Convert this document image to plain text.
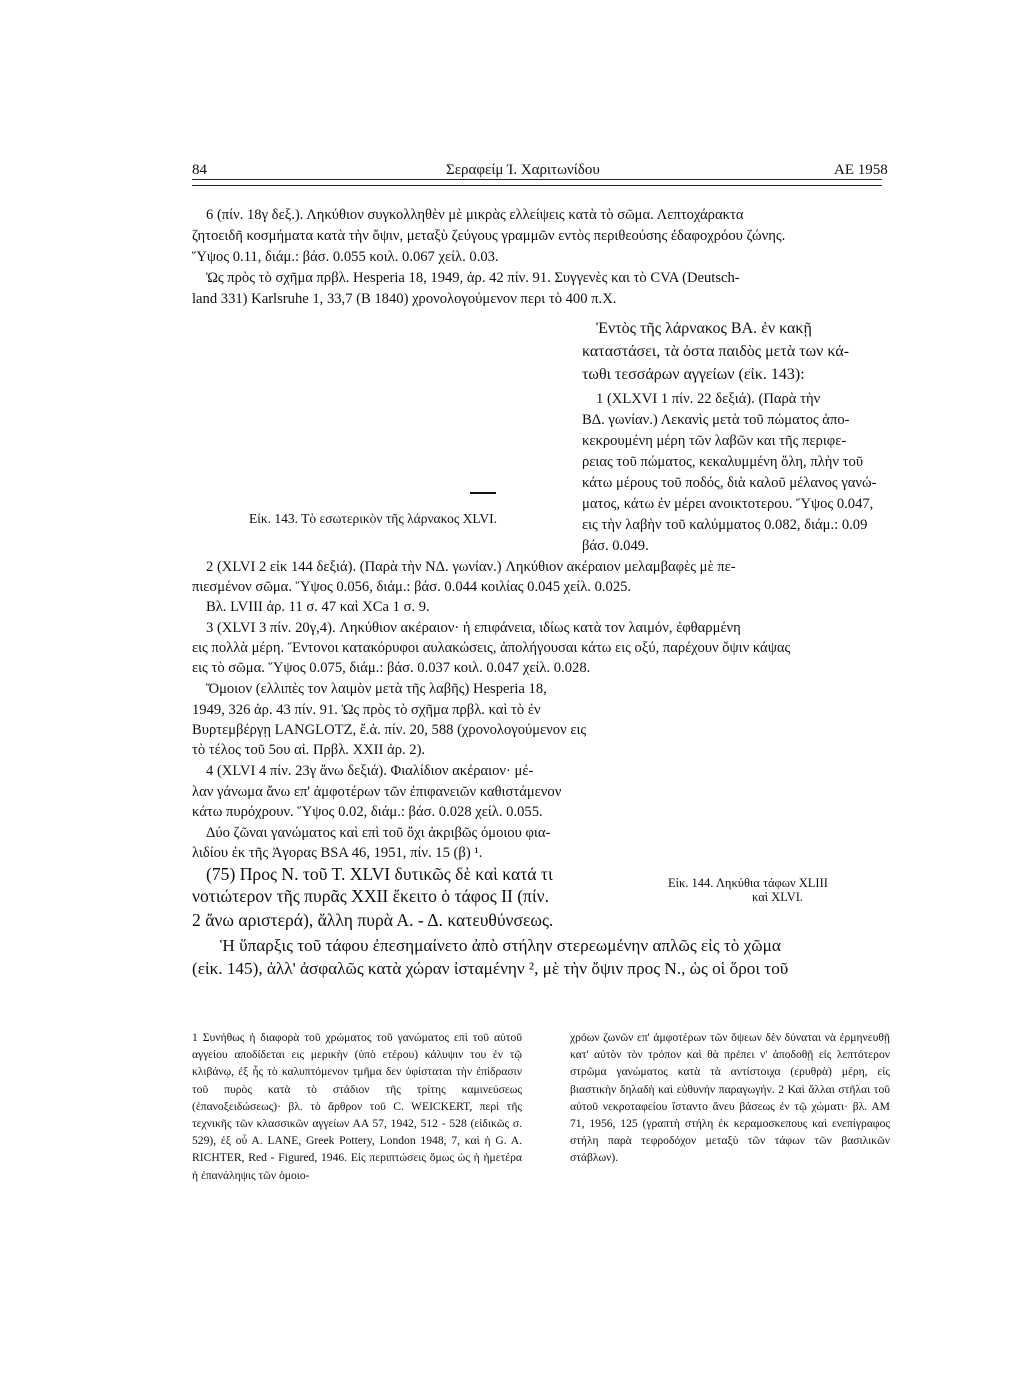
84	Σεραφείμ Ί. Χαριτωνίδου	ΑΕ 1958
6 (πίν. 18γ δεξ.). Ληκύθιον συγκολληθὲν μὲ μικρὰς ελλείψεις κατὰ τὸ σῶμα. Λεπτοχάρακτα
ζητοειδῆ κοσμήματα κατὰ τὴν ὄψιν, μεταξὺ ζεύγους γραμμῶν εντὸς περιθεούσης ἐδαφοχρόου ζώνης.
Ὕψος 0.11, διάμ.: βάσ. 0.055 κοιλ. 0.067 χείλ. 0.03.
Ὡς πρὸς τὸ σχῆμα πρβλ. Hesperia 18, 1949, ἀρ. 42 πίν. 91. Συγγενὲς και τὸ CVA (Deutsch-
land 331) Karlsruhe 1, 33,7 (B 1840) χρονολογούμενον περι τὸ 400 π.Χ.
Εἰκ. 143. Τὸ εσωτερικὸν τῆς λάρνακος XLVI.
Ἐντὸς τῆς λάρνακος ΒΑ. ἐν κακῇ
καταστάσει, τὰ ὀστα παιδὸς μετὰ των κά-
τωθι τεσσάρων αγγείων (εἰκ. 143):
1 (XLXVI 1 πίν. 22 δεξιά). (Παρὰ τὴν
ΒΔ. γωνίαν.) Λεκανὶς μετὰ τοῦ πώματος ἀπο-
κεκρουμένη μέρη τῶν λαβῶν και τῆς περιφε-
ρειας τοῦ πώματος, κεκαλυμμένη ὅλη, πλὴν τοῦ
κάτω μέρους τοῦ ποδός, διὰ καλοῦ μέλανος γανώ-
ματος, κάτω ἐν μέρει ανοικτοτερου. Ὕψος 0.047,
εις τὴν λαβὴν τοῦ καλύμματος 0.082, διάμ.: 0.09
βάσ. 0.049.
2 (XLVI 2 εἰκ 144 δεξιά). (Παρὰ τὴν ΝΔ. γωνίαν.) Ληκύθιον ακέραιον μελαμβαφὲς μὲ πε-
πιεσμένον σῶμα. Ὕψος 0.056, διάμ.: βάσ. 0.044 κοιλίας 0.045 χείλ. 0.025.
Βλ. LVIII ἀρ. 11 σ. 47 καὶ XCa 1 σ. 9.
3 (XLVI 3 πίν. 20γ,4). Ληκύθιον ακέραιον· ἡ επιφάνεια, ιδίως κατὰ τον λαιμόν, ἐφθαρμένη
εις πολλὰ μέρη. Ἔντονοι κατακόρυφοι αυλακώσεις, ἀπολήγουσαι κάτω εις οξύ, παρέχουν ὄψιν κάψας
εις τὸ σῶμα. Ὕψος 0.075, διάμ.: βάσ. 0.037 κοιλ. 0.047 χείλ. 0.028.
Ὅμοιον (ελλιπὲς τον λαιμὸν μετὰ τῆς λαβῆς) Hesperia 18,
1949, 326 ἀρ. 43 πίν. 91. Ὡς πρὸς τὸ σχῆμα πρβλ. καὶ τὸ ἐν
Βυρτεμβέργῃ LANGLOTZ, ἔ.ἀ. πίν. 20, 588 (χρονολογούμενον εις
τὸ τέλος τοῦ 5ου αἰ. Πρβλ. XXII ἀρ. 2).
4 (XLVI 4 πίν. 23γ ἄνω δεξιά). Φιαλίδιον ακέραιον· μέ-
λαν γάνωμα ἄνω επ' ἀμφοτέρων τῶν ἐπιφανειῶν καθιστάμενον
κάτω πυρόχρουν. Ὕψος 0.02, διάμ.: βάσ. 0.028 χείλ. 0.055.
Δύο ζῶναι γανώματος καὶ επὶ τοῦ ὄχι ἀκριβῶς όμοιου φια-
λιδίου ἐκ τῆς Ἀγορας BSA 46, 1951, πίν. 15 (β) ¹.
(75) Προς Ν. τοῦ Τ. XLVI δυτικῶς δὲ καὶ κατά τι
νοτιώτερον τῆς πυρᾶς XXII ἔκειτο ὁ τάφος II (πίν.
2 ἄνω αριστερά), ἄλλη πυρὰ Α. - Δ. κατευθύνσεως.
Εἰκ. 144. Ληκύθια τάφων XLIII
καὶ XLVI.
Ἡ ὕπαρξις τοῦ τάφου ἐπεσημαίνετο ἀπὸ στήλην στερεωμένην απλῶς εἰς τὸ χῶμα
(εἰκ. 145), ἀλλ' ἀσφαλῶς κατὰ χώραν ἰσταμένην ², μὲ τὴν ὄψιν προς Ν., ὡς οἱ ὅροι τοῦ
1 Συνήθως ἡ διαφορὰ τοῦ χρώματος τοῦ γανώματος επὶ τοῦ αὐτοῦ αγγείου αποδίδεται εις μερικὴν (ὑπὸ ετέρου) κάλυψιν του ἐν τῷ κλιβάνῳ, ἐξ ἧς τὸ καλυπτόμενον τμῆμα δεν ὑφίσταται τὴν ἐπίδρασιν τοῦ πυρὸς κατὰ τὸ στάδιον τῆς τρίτης καμινεύσεως (ἐπανοξειδώσεως)· βλ. τὸ ἄρθρον τοῦ C. WEICKERT, περὶ τῆς τεχνικῆς τῶν κλασσικῶν αγγείων ΑΑ 57, 1942, 512 - 528 (εἰδικῶς σ. 529), ἐξ οὗ Α. LANE, Greek Pottery, London 1948, 7, καὶ ἡ G. A. RICHTER, Red - Figured, 1946. Εἰς περιπτώσεις ὅμως ὡς ἡ ἡμετέρα ἡ ἐπανάληψις τῶν ὁμοιο-
χρόων ζωνῶν επ' ἀμφοτέρων τῶν ὄψεων δὲν δύναται νὰ ἑρμηνευθῇ κατ' αὐτὸν τὸν τρόπον καὶ θὰ πρέπει ν' ἀποδοθῇ εἰς λεπτότερον στρῶμα γανώματος κατὰ τὰ αντίστοιχα (ερυθρὰ) μέρη, εἰς βιαστικὴν δηλαδὴ καὶ εὐθυνήν παραγωγήν. 2 Καὶ ἄλλαι στῆλαι τοῦ αὐτοῦ νεκροταφείου ἵσταντο ἄνευ βάσεως ἐν τῷ χώματι· βλ. ΑΜ 71, 1956, 125 (γραπτὴ στήλη ἐκ κεραμοσκεπους καὶ ενεπίγραφος στήλη παρὰ τεφροδόχον μεταξὺ τῶν τάφων τῶν βασιλικῶν στάβλων).
